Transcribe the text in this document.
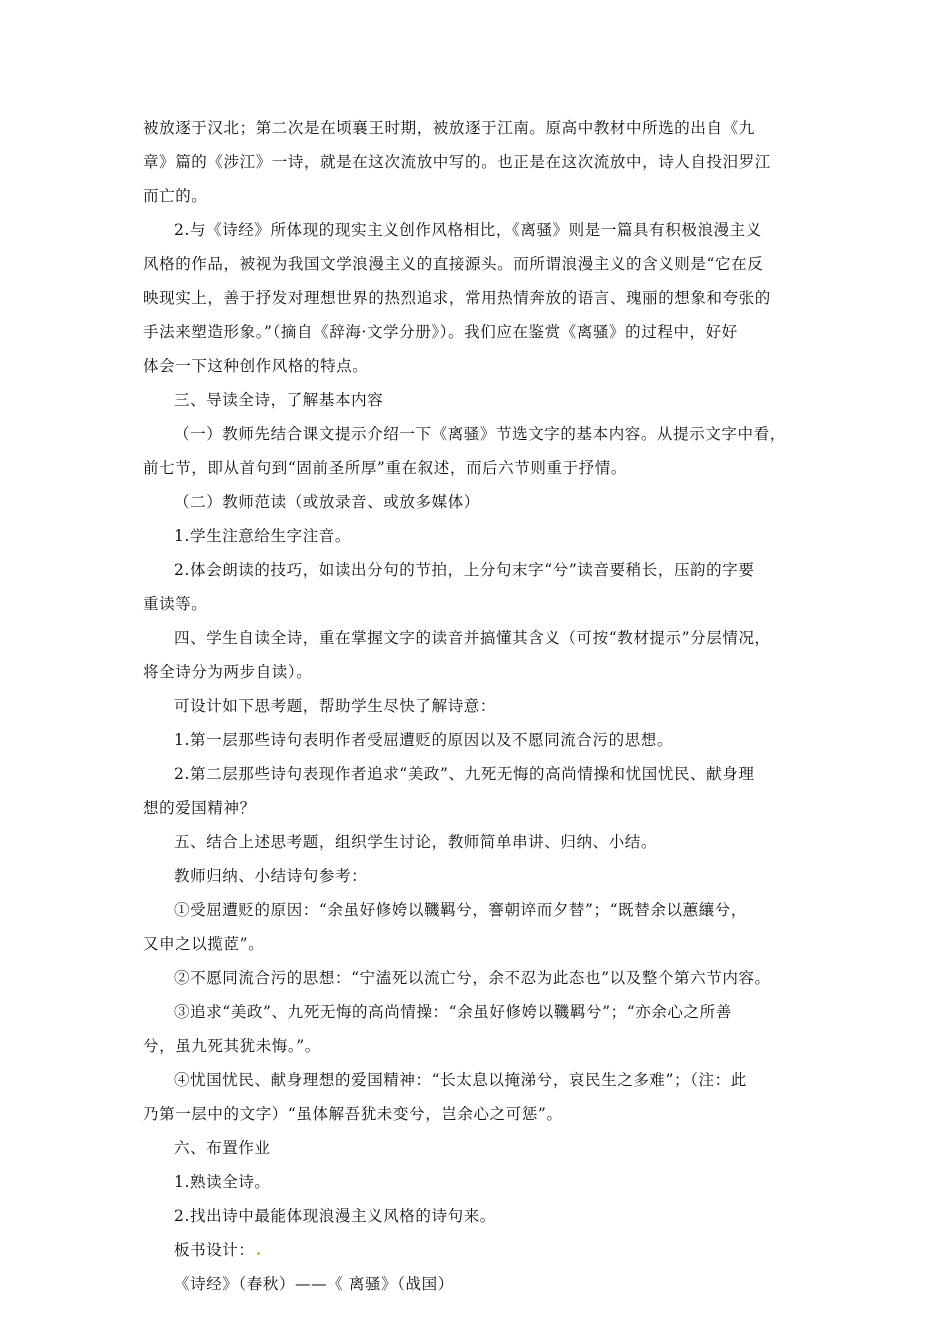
被放逐于汉北；第二次是在顷襄王时期，被放逐于江南。原高中教材中所选的出自《九
章》篇的《涉江》一诗，就是在这次流放中写的。也正是在这次流放中，诗人自投汨罗江
而亡的。
2.与《诗经》所体现的现实主义创作风格相比，《离骚》则是一篇具有积极浪漫主义
风格的作品，被视为我国文学浪漫主义的直接源头。而所谓浪漫主义的含义则是“它在反
映现实上，善于抒发对理想世界的热烈追求，常用热情奔放的语言、瑰丽的想象和夸张的
手法来塑造形象。”（摘自《辞海·文学分册》）。我们应在鉴赏《离骚》的过程中，好好
体会一下这种创作风格的特点。
三、导读全诗，了解基本内容
（一）教师先结合课文提示介绍一下《离骚》节选文字的基本内容。从提示文字中看，
前七节，即从首句到“固前圣所厚”重在叙述，而后六节则重于抒情。
（二）教师范读（或放录音、或放多媒体）
1.学生注意给生字注音。
2.体会朗读的技巧，如读出分句的节拍，上分句末字“兮”读音要稍长，压韵的字要
重读等。
四、学生自读全诗，重在掌握文字的读音并搞懂其含义（可按“教材提示”分层情况，
将全诗分为两步自读）。
可设计如下思考题，帮助学生尽快了解诗意：
1.第一层那些诗句表明作者受屈遭贬的原因以及不愿同流合污的思想。
2.第二层那些诗句表现作者追求“美政”、九死无悔的高尚情操和忧国忧民、献身理
想的爱国精神？
五、结合上述思考题，组织学生讨论，教师简单串讲、归纳、小结。
教师归纳、小结诗句参考：
①受屈遭贬的原因：“余虽好修姱以鞿羁兮，謇朝谇而夕替”；“既替余以蕙纕兮，
又申之以揽茝”。
②不愿同流合污的思想：“宁溘死以流亡兮，余不忍为此态也”以及整个第六节内容。
③追求“美政”、九死无悔的高尚情操：“余虽好修姱以鞿羁兮”；“亦余心之所善
兮，虽九死其犹未悔。”。
④忧国忧民、献身理想的爱国精神：“长太息以掩涕兮，哀民生之多难”；（注：此
乃第一层中的文字）“虽体解吾犹未变兮，岂余心之可惩”。
六、布置作业
1.熟读全诗。
2.找出诗中最能体现浪漫主义风格的诗句来。
板书设计：
《诗经》（春秋）——《 离骚》（战国）
